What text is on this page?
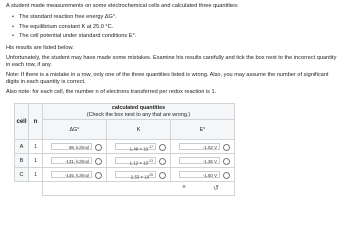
A student made measurements on some electrochemical cells and calculated three quantities:
• The standard reaction free energy ΔG°.
• The equilibrium constant K at 25.0 °C.
• The cell potential under standard conditions E°.
His results are listed below.
Unfortunately, the student may have made some mistakes. Examine his results carefully and tick the box next to the incorrect quantity in each row, if any.
Note: If there is a mistake in a row, only one of the three quantities listed is wrong. Also, you may assume the number of significant digits in each quantity is correct.
Also note: for each cell, the number n of electrons transferred per redox reaction is 1.
cell	n	calculated quantities
(Check the box next to any that are wrong.)		

		ΔG°	K	E°
A	1	98. kJ/mol	$1.48 \times 10^{-17}$	-1.02 V

B	1	-131. kJ/mol	$1.12 \times 10^{-23}$	-1.36 V

C	1	-145. kJ/mol	$2.53 \times 10^{25}$	-1.50 V

		× ↺		
